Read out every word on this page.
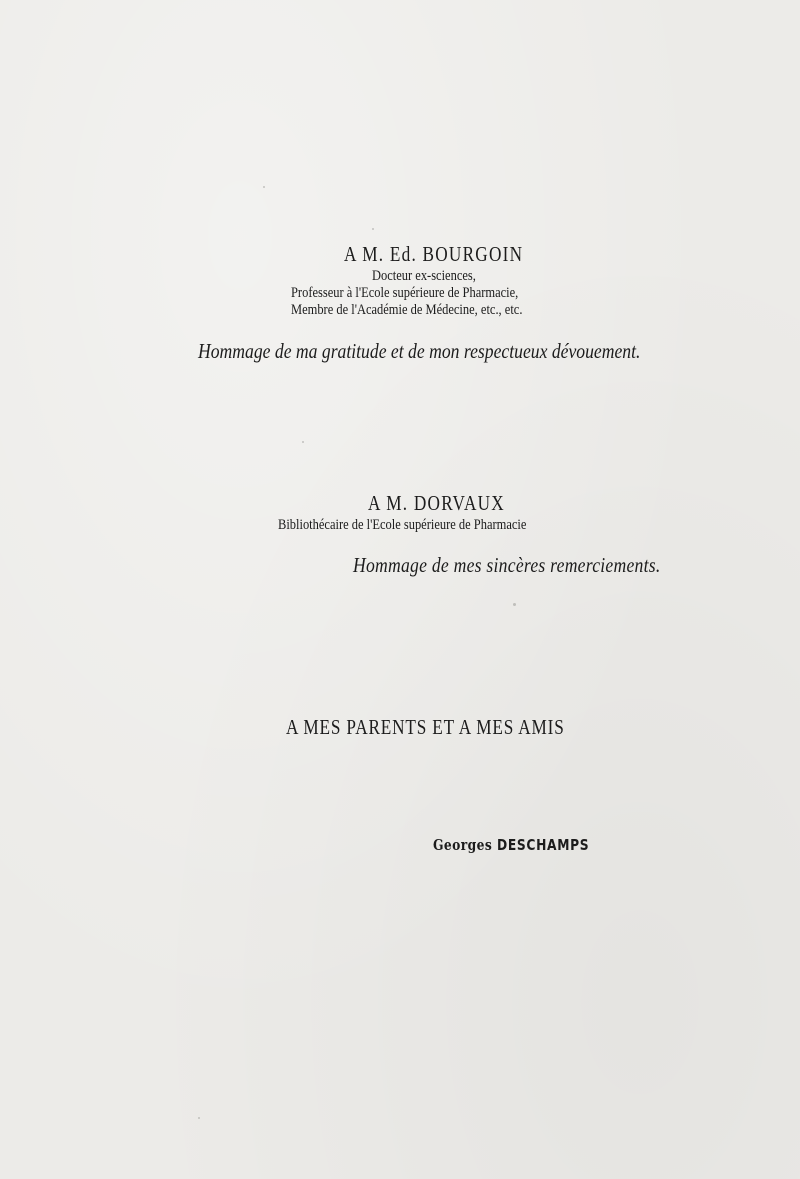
A M. Ed. BOURGOIN
Docteur ex-sciences,
Professeur à l'Ecole supérieure de Pharmacie,
Membre de l'Académie de Médecine, etc., etc.
Hommage de ma gratitude et de mon respectueux dévouement.
A M. DORVAUX
Bibliothécaire de l'Ecole supérieure de Pharmacie
Hommage de mes sincères remerciements.
A MES PARENTS ET A MES AMIS
Georges DESCHAMPS
